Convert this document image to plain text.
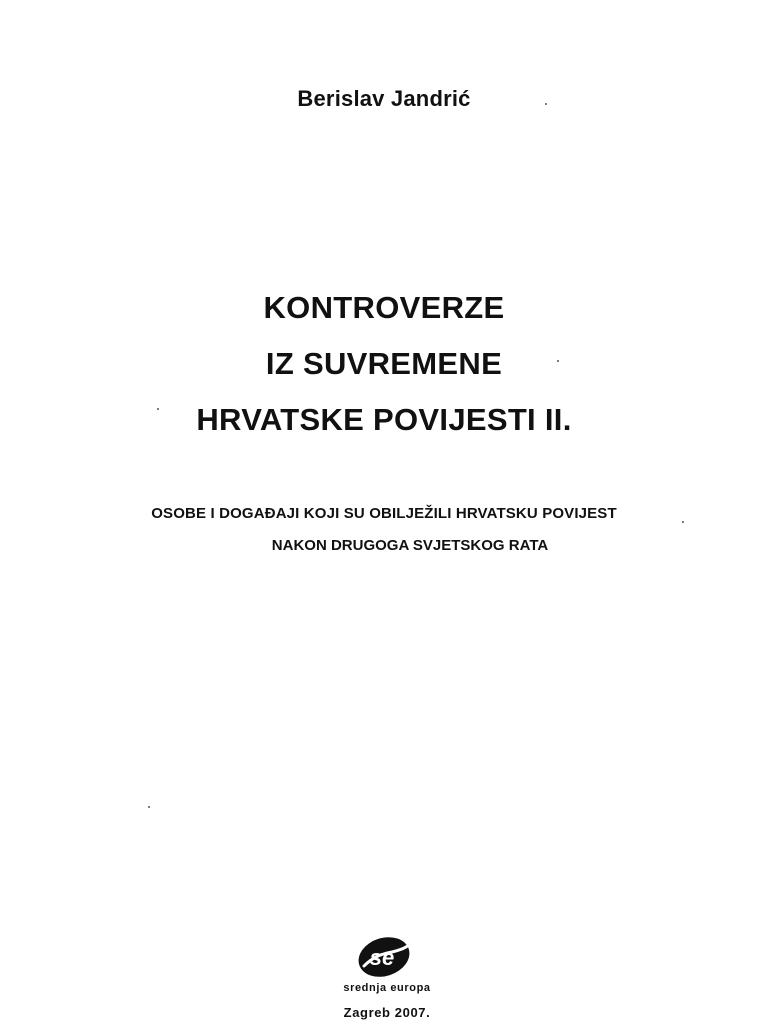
Berislav Jandrić
KONTROVERZE
IZ SUVREMENE
HRVATSKE POVIJESTI II.
OSOBE I DOGAĐAJI KOJI SU OBILJEŽILI HRVATSKU POVIJEST
NAKON DRUGOGA SVJETSKOG RATA
se
srednja europa
Zagreb 2007.
